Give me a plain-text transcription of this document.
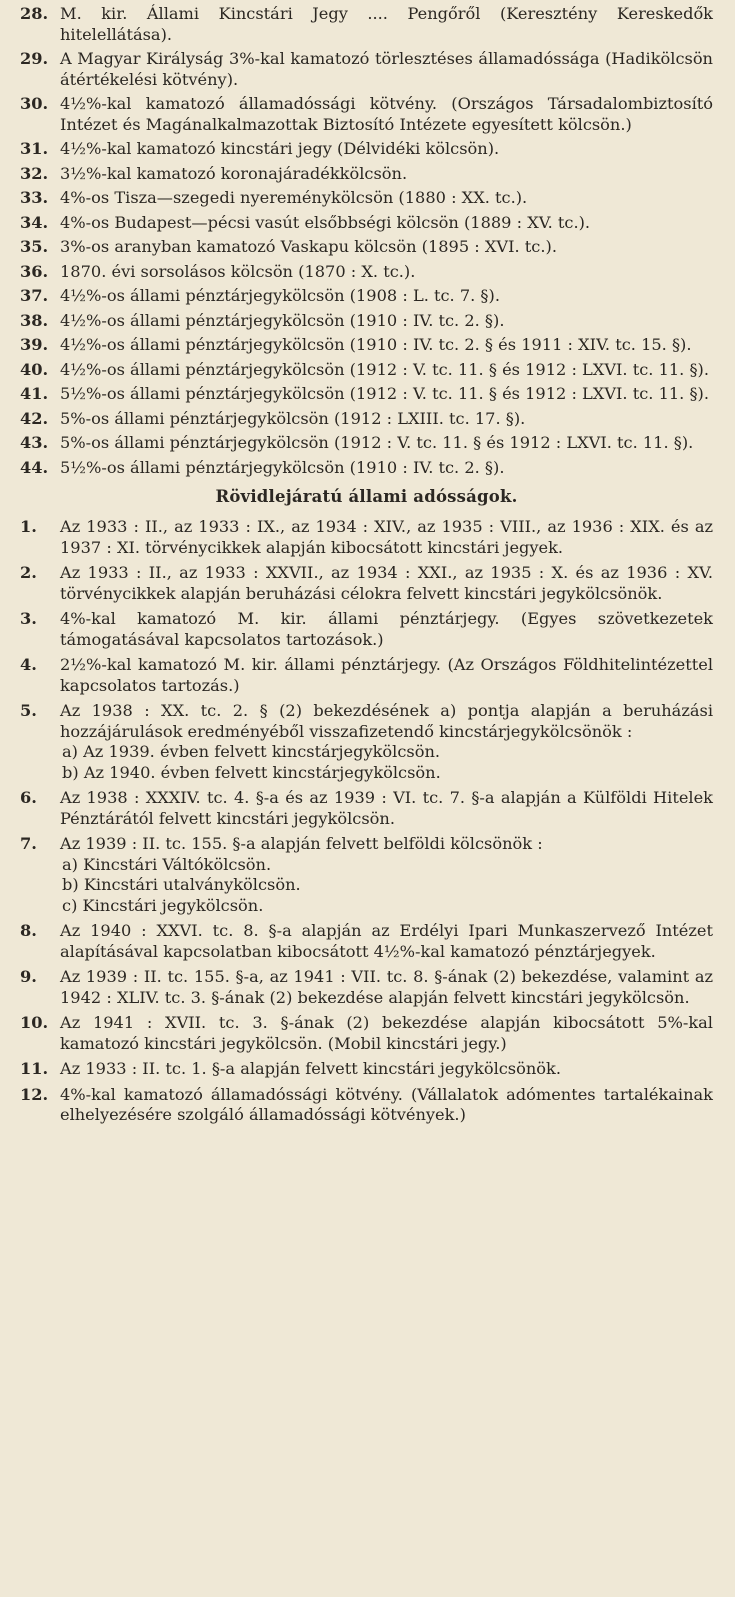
28. M. kir. Állami Kincstári Jegy .... Pengőről (Keresztény Kereskedők hitelellátása).
29. A Magyar Királyság 3%-kal kamatozó törlesztéses államadóssága (Hadikölcsön átértékelési kötvény).
30. 4½%-kal kamatozó államadóssági kötvény. (Országos Társadalombiztosító Intézet és Magánalkalmazottak Biztosító Intézete egyesített kölcsön.)
31. 4½%-kal kamatozó kincstári jegy (Délvidéki kölcsön).
32. 3½%-kal kamatozó koronajáradékkölcsön.
33. 4%-os Tisza—szegedi nyereménykölcsön (1880 : XX. tc.).
34. 4%-os Budapest—pécsi vasút elsőbbségi kölcsön (1889 : XV. tc.).
35. 3%-os aranyban kamatozó Vaskapu kölcsön (1895 : XVI. tc.).
36. 1870. évi sorsolásos kölcsön (1870 : X. tc.).
37. 4½%-os állami pénztárjegykölcsön (1908 : L. tc. 7. §).
38. 4½%-os állami pénztárjegykölcsön (1910 : IV. tc. 2. §).
39. 4½%-os állami pénztárjegykölcsön (1910 : IV. tc. 2. § és 1911 : XIV. tc. 15. §).
40. 4½%-os állami pénztárjegykölcsön (1912 : V. tc. 11. § és 1912 : LXVI. tc. 11. §).
41. 5½%-os állami pénztárjegykölcsön (1912 : V. tc. 11. § és 1912 : LXVI. tc. 11. §).
42. 5%-os állami pénztárjegykölcsön (1912 : LXIII. tc. 17. §).
43. 5%-os állami pénztárjegykölcsön (1912 : V. tc. 11. § és 1912 : LXVI. tc. 11. §).
44. 5½%-os állami pénztárjegykölcsön (1910 : IV. tc. 2. §).
Rövidlejáratú állami adósságok.
1.	Az 1933 : II., az 1933 : IX., az 1934 : XIV., az 1935 : VIII., az 1936 : XIX. és az 1937 : XI. törvénycikkek alapján kibocsátott kincstári jegyek.
2.	Az 1933 : II., az 1933 : XXVII., az 1934 : XXI., az 1935 : X. és az 1936 : XV. törvénycikkek alapján beruházási célokra felvett kincstári jegykölcsönök.
3.	4%-kal kamatozó M. kir. állami pénztárjegy. (Egyes szövetkezetek támogatásával kapcsolatos tartozások.)
4.	2½%-kal kamatozó M. kir. állami pénztárjegy. (Az Országos Földhitelintézettel kapcsolatos tartozás.)
5.	Az 1938 : XX. tc. 2. § (2) bekezdésének a) pontja alapján a beruházási hozzájárulások eredményéből visszafizetendő kincstárjegykölcsönök :
a) Az 1939. évben felvett kincstárjegykölcsön.
b) Az 1940. évben felvett kincstárjegykölcsön.
6.	Az 1938 : XXXIV. tc. 4. §-a és az 1939 : VI. tc. 7. §-a alapján a Külföldi Hitelek Pénztárától felvett kincstári jegykölcsön.
7.	Az 1939 : II. tc. 155. §-a alapján felvett belföldi kölcsönök :
a) Kincstári Váltókölcsön.
b) Kincstári utalványkölcsön.
c) Kincstári jegykölcsön.
8.	Az 1940 : XXVI. tc. 8. §-a alapján az Erdélyi Ipari Munkaszervező Intézet alapításával kapcsolatban kibocsátott 4½%-kal kamatozó pénztárjegyek.
9.	Az 1939 : II. tc. 155. §-a, az 1941 : VII. tc. 8. §-ának (2) bekezdése, valamint az 1942 : XLIV. tc. 3. §-ának (2) bekezdése alapján felvett kincstári jegykölcsön.
10. Az 1941 : XVII. tc. 3. §-ának (2) bekezdése alapján kibocsátott 5%-kal kamatozó kincstári jegykölcsön. (Mobil kincstári jegy.)
11. Az 1933 : II. tc. 1. §-a alapján felvett kincstári jegykölcsönök.
12. 4%-kal kamatozó államadóssági kötvény. (Vállalatok adómentes tartalékainak elhelyezésére szolgáló államadóssági kötvények.)
